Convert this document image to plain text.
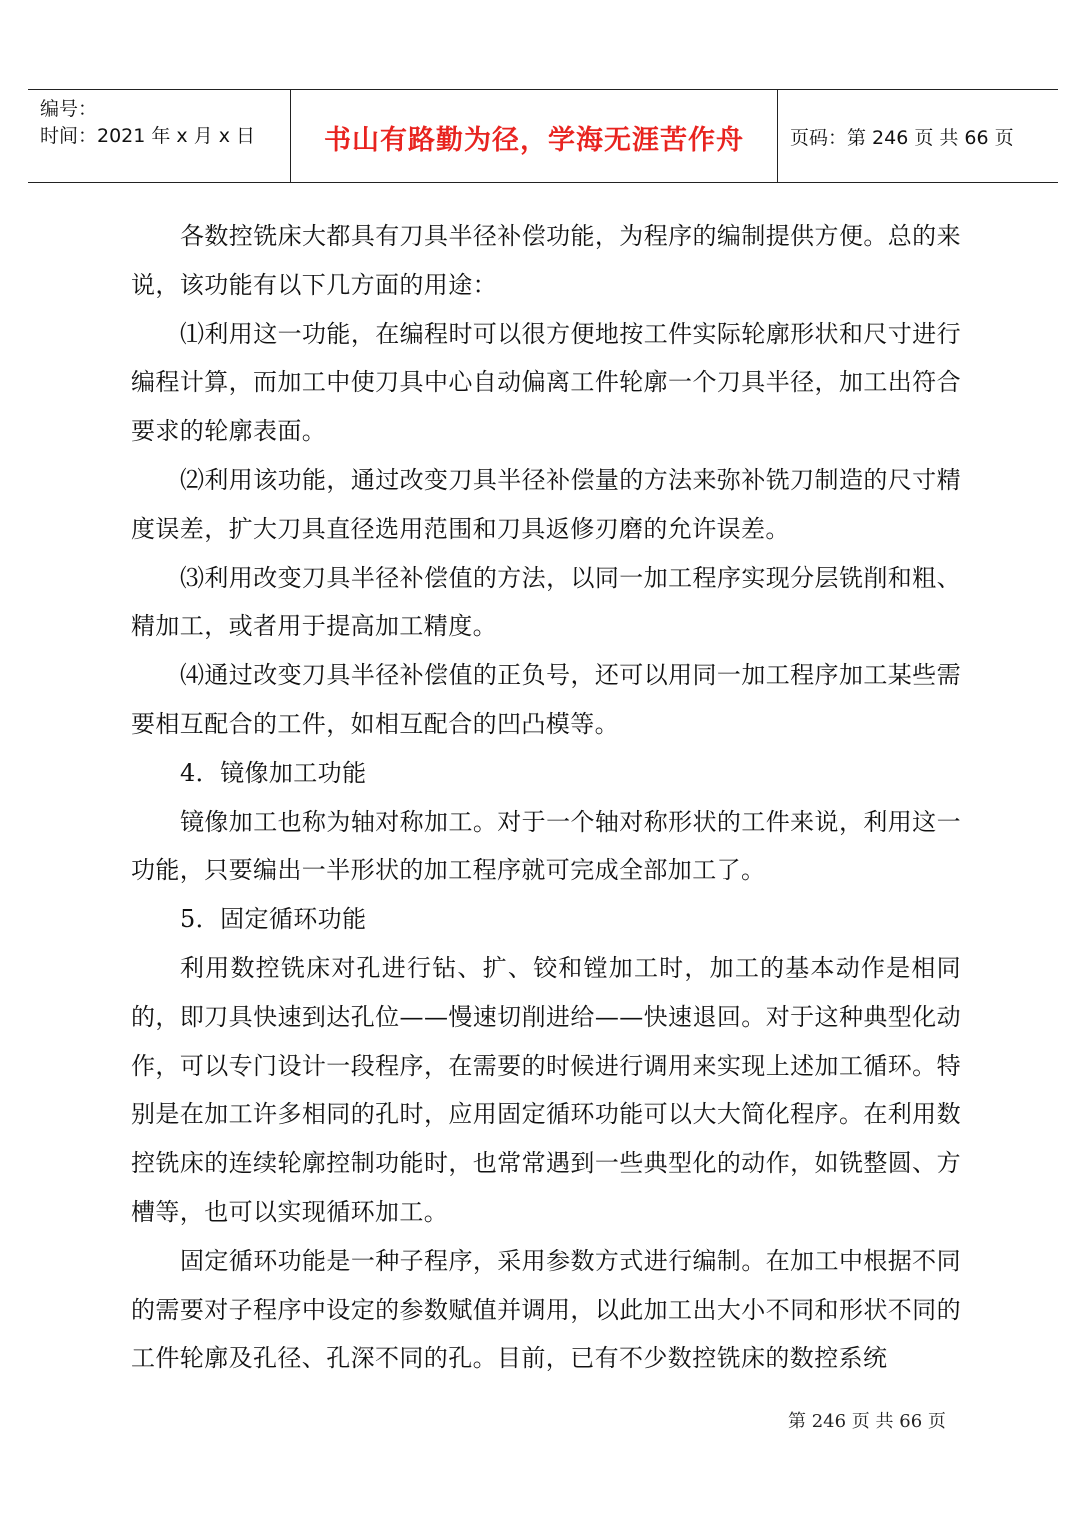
编号：
时间：2021 年 x 月 x 日	书山有路勤为径，学海无涯苦作舟	页码：第 246 页 共 66 页

各数控铣床大都具有刀具半径补偿功能，为程序的编制提供方便。总的来说，该功能有以下几方面的用途：

⑴利用这一功能，在编程时可以很方便地按工件实际轮廓形状和尺寸进行编程计算，而加工中使刀具中心自动偏离工件轮廓一个刀具半径，加工出符合要求的轮廓表面。

⑵利用该功能，通过改变刀具半径补偿量的方法来弥补铣刀制造的尺寸精度误差，扩大刀具直径选用范围和刀具返修刃磨的允许误差。

⑶利用改变刀具半径补偿值的方法，以同一加工程序实现分层铣削和粗、精加工，或者用于提高加工精度。

⑷通过改变刀具半径补偿值的正负号，还可以用同一加工程序加工某些需要相互配合的工件，如相互配合的凹凸模等。

4．镜像加工功能

镜像加工也称为轴对称加工。对于一个轴对称形状的工件来说，利用这一功能，只要编出一半形状的加工程序就可完成全部加工了。

5．固定循环功能

利用数控铣床对孔进行钻、扩、铰和镗加工时，加工的基本动作是相同的，即刀具快速到达孔位——慢速切削进给——快速退回。对于这种典型化动作，可以专门设计一段程序，在需要的时候进行调用来实现上述加工循环。特别是在加工许多相同的孔时，应用固定循环功能可以大大简化程序。在利用数控铣床的连续轮廓控制功能时，也常常遇到一些典型化的动作，如铣整圆、方槽等，也可以实现循环加工。

固定循环功能是一种子程序，采用参数方式进行编制。在加工中根据不同的需要对子程序中设定的参数赋值并调用，以此加工出大小不同和形状不同的工件轮廓及孔径、孔深不同的孔。目前，已有不少数控铣床的数控系统

第 246 页 共 66 页
